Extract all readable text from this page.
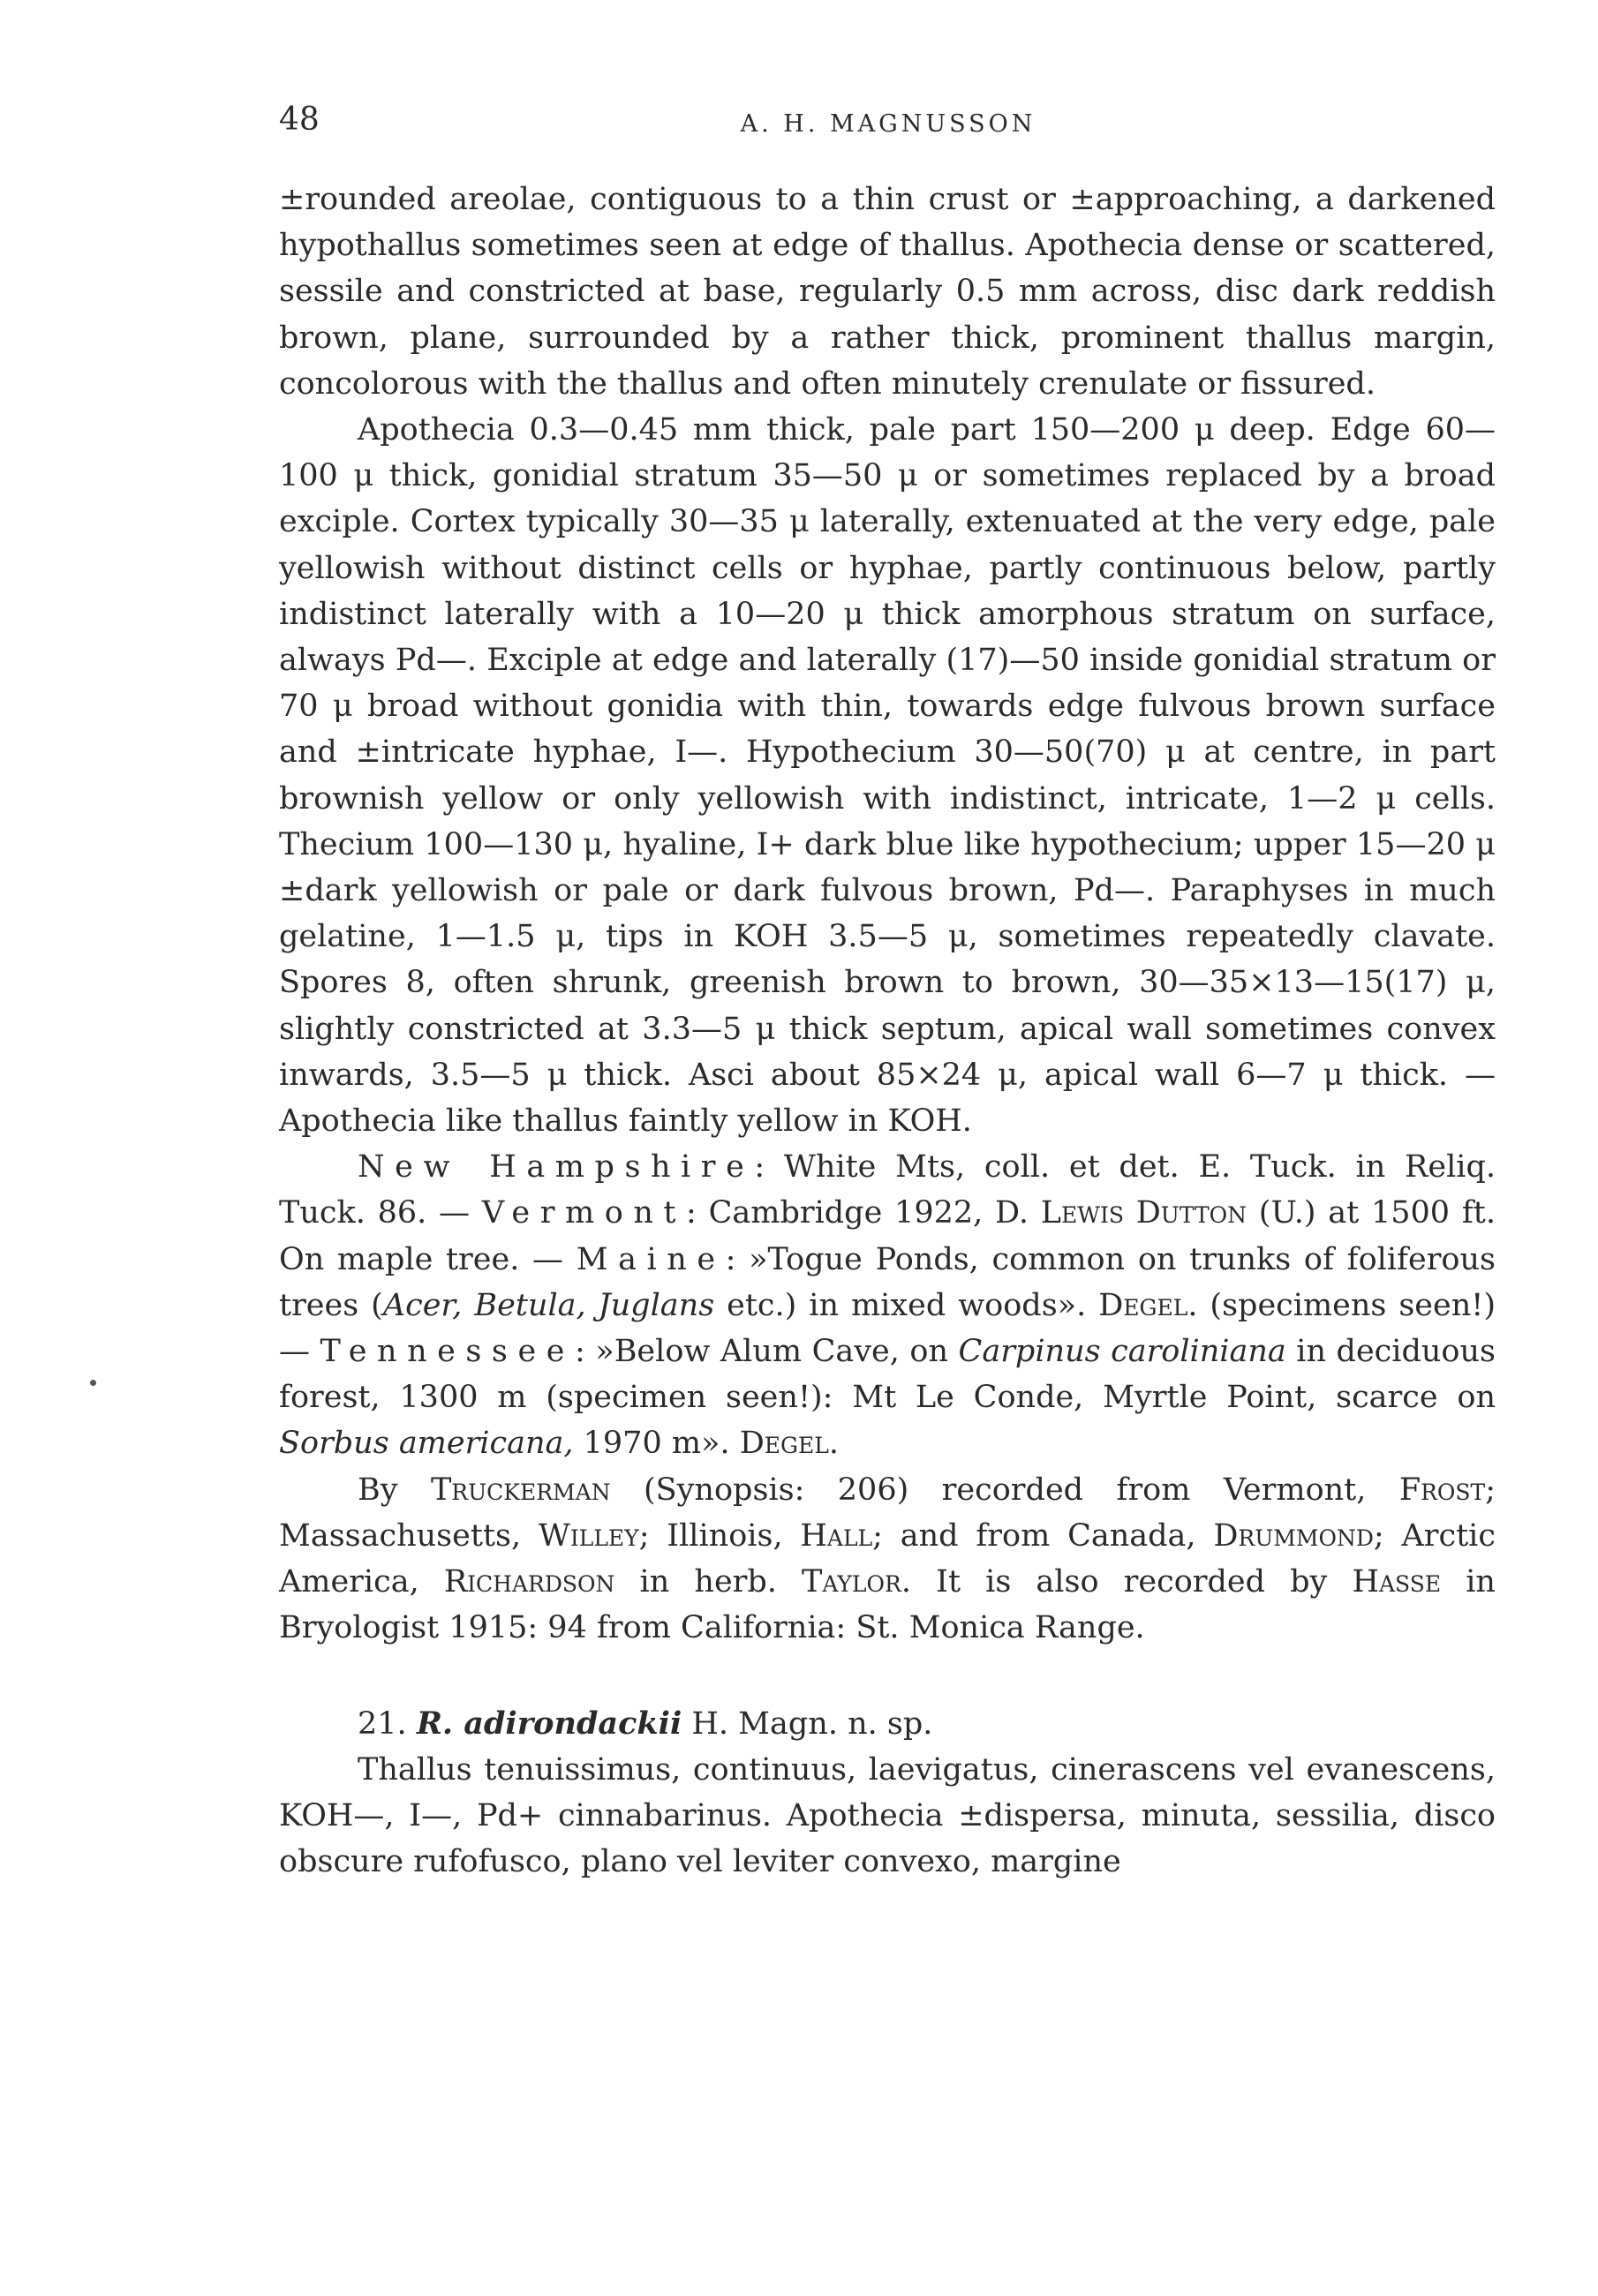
48	A. H. MAGNUSSON

±rounded areolae, contiguous to a thin crust or ±approaching, a darkened hypothallus sometimes seen at edge of thallus. Apothecia dense or scattered, sessile and constricted at base, regularly 0.5 mm across, disc dark reddish brown, plane, surrounded by a rather thick, prominent thallus margin, concolorous with the thallus and often minutely crenulate or fissured.

Apothecia 0.3—0.45 mm thick, pale part 150—200 μ deep. Edge 60—100 μ thick, gonidial stratum 35—50 μ or sometimes replaced by a broad exciple. Cortex typically 30—35 μ laterally, extenuated at the very edge, pale yellowish without distinct cells or hyphae, partly continuous below, partly indistinct laterally with a 10—20 μ thick amorphous stratum on surface, always Pd—. Exciple at edge and laterally (17)—50 inside gonidial stratum or 70 μ broad without gonidia with thin, towards edge fulvous brown surface and ±intricate hyphae, I—. Hypothecium 30—50(70) μ at centre, in part brownish yellow or only yellowish with indistinct, intricate, 1—2 μ cells. Thecium 100—130 μ, hyaline, I+ dark blue like hypothecium; upper 15—20 μ ±dark yellowish or pale or dark fulvous brown, Pd—. Paraphyses in much gelatine, 1—1.5 μ, tips in KOH 3.5—5 μ, sometimes repeatedly clavate. Spores 8, often shrunk, greenish brown to brown, 30—35×13—15(17) μ, slightly constricted at 3.3—5 μ thick septum, apical wall sometimes convex inwards, 3.5—5 μ thick. Asci about 85×24 μ, apical wall 6—7 μ thick. — Apothecia like thallus faintly yellow in KOH.

New Hampshire: White Mts, coll. et det. E. Tuck. in Reliq. Tuck. 86. — Vermont: Cambridge 1922, D. Lewis Dutton (U.) at 1500 ft. On maple tree. — Maine: »Togue Ponds, common on trunks of foliferous trees (Acer, Betula, Juglans etc.) in mixed woods». Degel. (specimens seen!) — Tennessee: »Below Alum Cave, on Carpinus caroliniana in deciduous forest, 1300 m (specimen seen!): Mt Le Conde, Myrtle Point, scarce on Sorbus americana, 1970 m». Degel.

By Truckerman (Synopsis: 206) recorded from Vermont, Frost; Massachusetts, Willey; Illinois, Hall; and from Canada, Drummond; Arctic America, Richardson in herb. Taylor. It is also recorded by Hasse in Bryologist 1915: 94 from California: St. Monica Range.

21. R. adirondackii H. Magn. n. sp.

Thallus tenuissimus, continuus, laevigatus, cinerascens vel evanescens, KOH—, I—, Pd+ cinnabarinus. Apothecia ±dispersa, minuta, sessilia, disco obscure rufofusco, plano vel leviter convexo, margine
